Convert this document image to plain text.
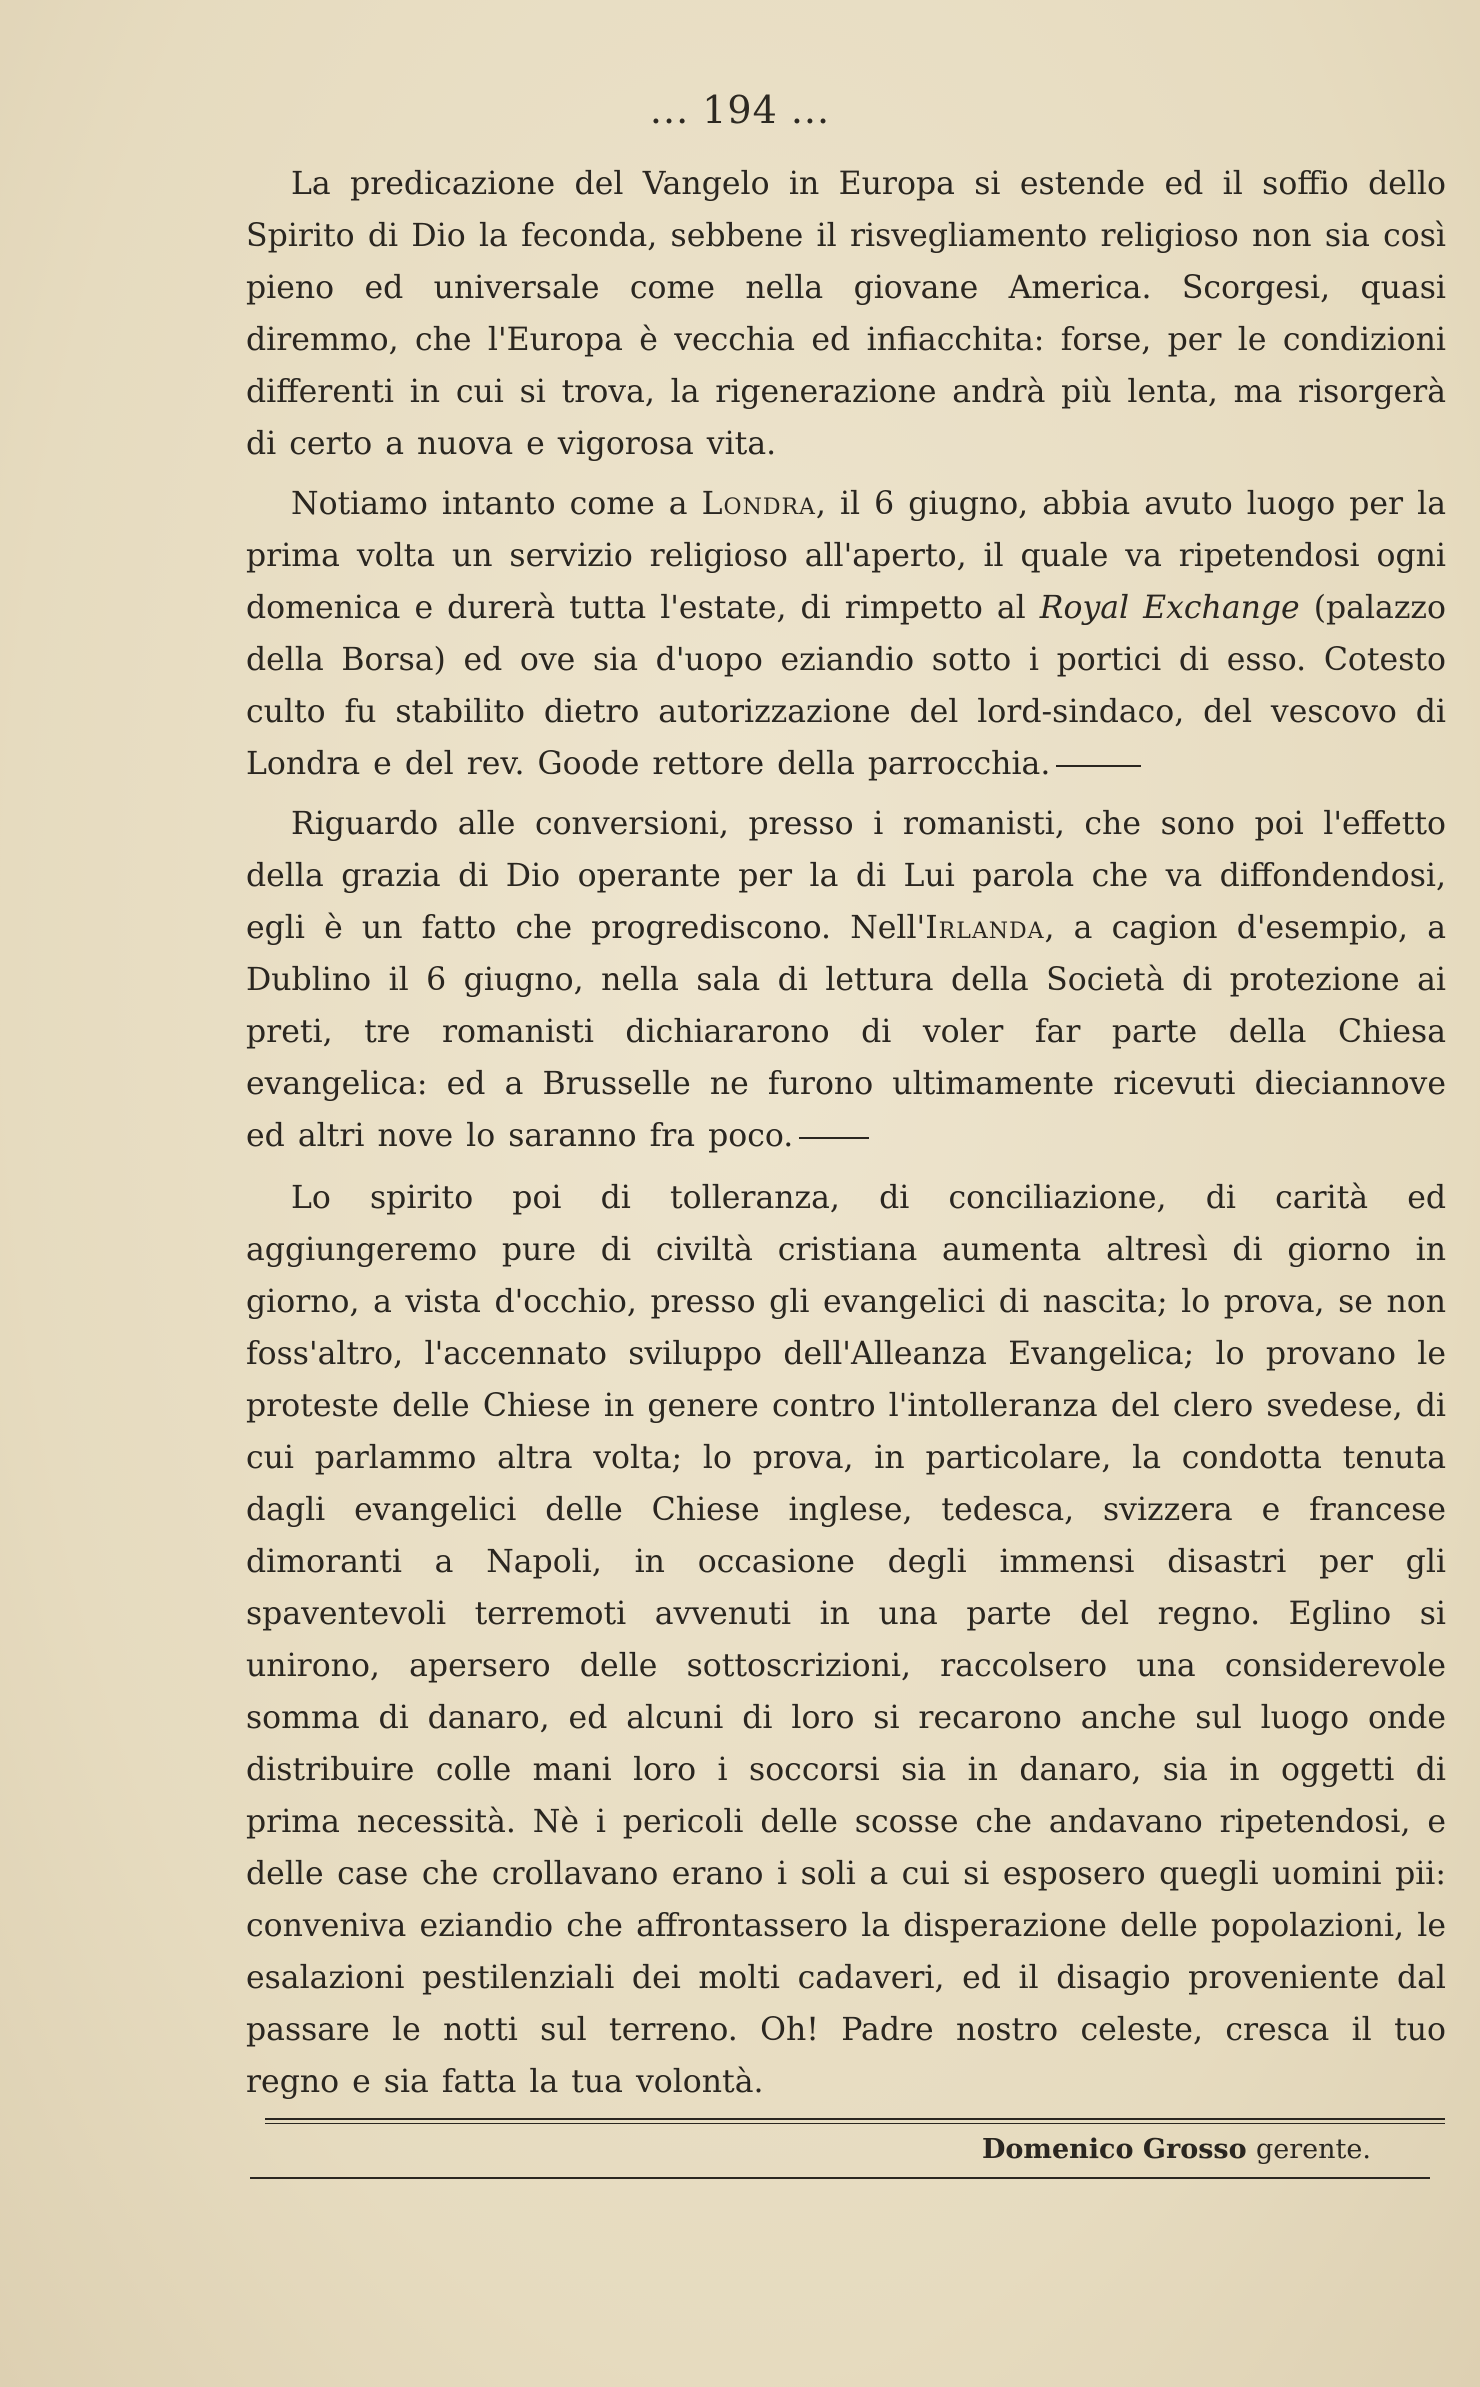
... 194 ...

La predicazione del Vangelo in Europa si estende ed il soffio dello Spirito di Dio la feconda, sebbene il risvegliamento religioso non sia così pieno ed universale come nella giovane America. Scorgesi, quasi diremmo, che l'Europa è vecchia ed infiacchita: forse, per le condizioni differenti in cui si trova, la rigenerazione andrà più lenta, ma risorgerà di certo a nuova e vigorosa vita.

Notiamo intanto come a Londra, il 6 giugno, abbia avuto luogo per la prima volta un servizio religioso all'aperto, il quale va ripetendosi ogni domenica e durerà tutta l'estate, di rimpetto al Royal Exchange (palazzo della Borsa) ed ove sia d'uopo eziandio sotto i portici di esso. Cotesto culto fu stabilito dietro autorizzazione del lord-sindaco, del vescovo di Londra e del rev. Goode rettore della parrocchia.

Riguardo alle conversioni, presso i romanisti, che sono poi l'effetto della grazia di Dio operante per la di Lui parola che va diffondendosi, egli è un fatto che progrediscono. Nell'Irlanda, a cagion d'esempio, a Dublino il 6 giugno, nella sala di lettura della Società di protezione ai preti, tre romanisti dichiararono di voler far parte della Chiesa evangelica: ed a Brusselle ne furono ultimamente ricevuti dieciannove ed altri nove lo saranno fra poco.

Lo spirito poi di tolleranza, di conciliazione, di carità ed aggiungeremo pure di civiltà cristiana aumenta altresì di giorno in giorno, a vista d'occhio, presso gli evangelici di nascita; lo prova, se non foss'altro, l'accennato sviluppo dell'Alleanza Evangelica; lo provano le proteste delle Chiese in genere contro l'intolleranza del clero svedese, di cui parlammo altra volta; lo prova, in particolare, la condotta tenuta dagli evangelici delle Chiese inglese, tedesca, svizzera e francese dimoranti a Napoli, in occasione degli immensi disastri per gli spaventevoli terremoti avvenuti in una parte del regno. Eglino si unirono, apersero delle sottoscrizioni, raccolsero una considerevole somma di danaro, ed alcuni di loro si recarono anche sul luogo onde distribuire colle mani loro i soccorsi sia in danaro, sia in oggetti di prima necessità. Nè i pericoli delle scosse che andavano ripetendosi, e delle case che crollavano erano i soli a cui si esposero quegli uomini pii: conveniva eziandio che affrontassero la disperazione delle popolazioni, le esalazioni pestilenziali dei molti cadaveri, ed il disagio proveniente dal passare le notti sul terreno. Oh! Padre nostro celeste, cresca il tuo regno e sia fatta la tua volontà.

Domenico Grosso gerente.
